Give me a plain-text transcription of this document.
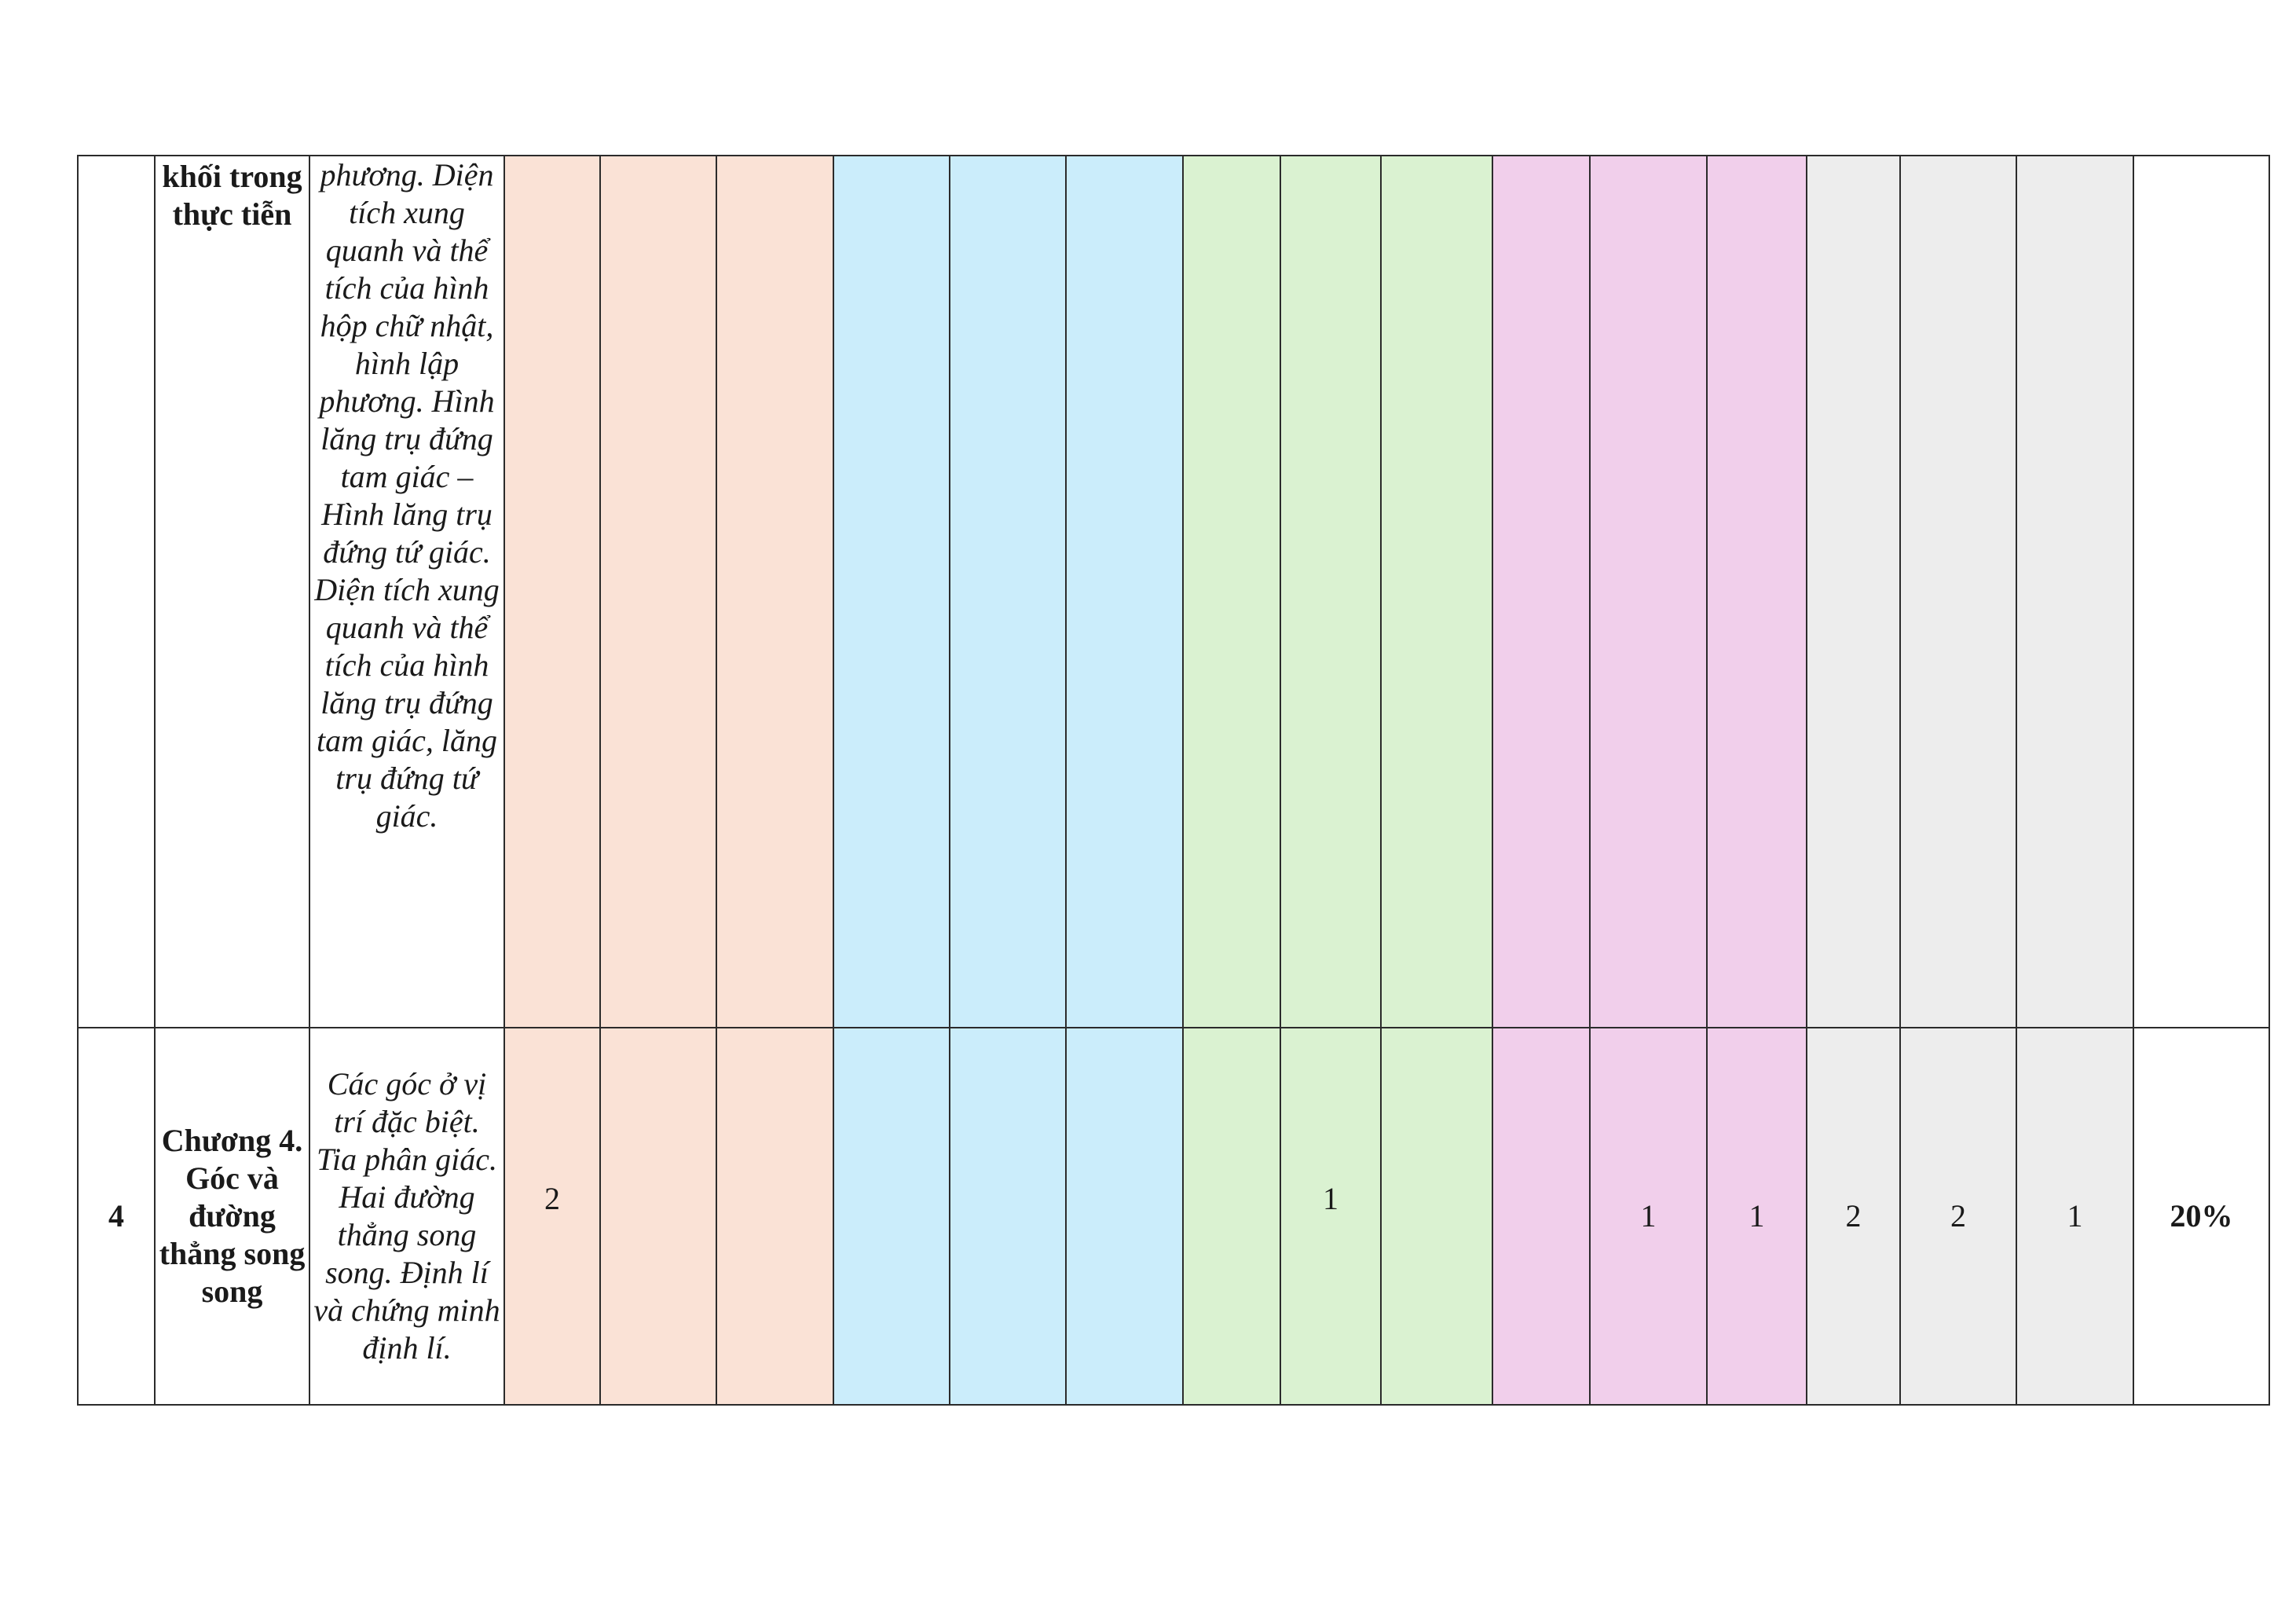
	khối trong thực tiễn	phương. Diện tích xung quanh và thể tích của hình hộp chữ nhật, hình lập phương. Hình lăng trụ đứng tam giác – Hình lăng trụ đứng tứ giác. Diện tích xung quanh và thể tích của hình lăng trụ đứng tam giác, lăng trụ đứng tứ giác.																
4	Chương 4. Góc và đường thẳng song song	Các góc ở vị trí đặc biệt. Tia phân giác. Hai đường thẳng song song. Định lí và chứng minh định lí.	2							1			1	1	2	2	1	20%
